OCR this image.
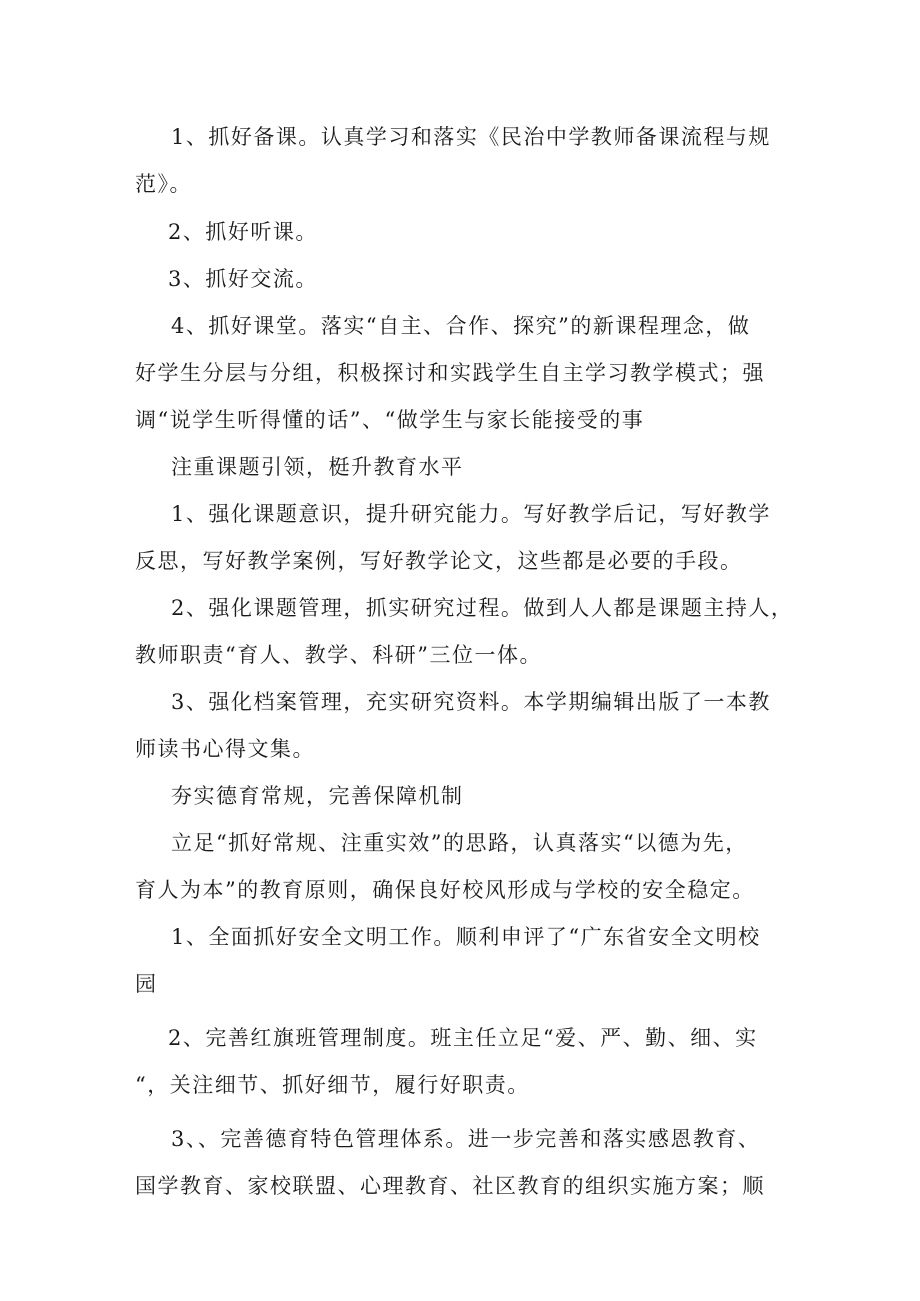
1、抓好备课。认真学习和落实《民治中学教师备课流程与规
范》。
2、抓好听课。
3、抓好交流。
4、抓好课堂。落实“自主、合作、探究”的新课程理念，做
好学生分层与分组，积极探讨和实践学生自主学习教学模式；强
调“说学生听得懂的话”、“做学生与家长能接受的事
注重课题引领，梃升教育水平
1、强化课题意识，提升研究能力。写好教学后记，写好教学
反思，写好教学案例，写好教学论文，这些都是必要的手段。
2、强化课题管理，抓实研究过程。做到人人都是课题主持人，
教师职责“育人、教学、科研”三位一体。
3、强化档案管理，充实研究资料。本学期编辑出版了一本教
师读书心得文集。
夯实德育常规，完善保障机制
立足“抓好常规、注重实效”的思路，认真落实“以德为先，
育人为本”的教育原则，确保良好校风形成与学校的安全稳定。
1、全面抓好安全文明工作。顺利申评了“广东省安全文明校
园
2、完善红旗班管理制度。班主任立足“爱、严、勤、细、实
“，关注细节、抓好细节，履行好职责。
3、、完善德育特色管理体系。进一步完善和落实感恩教育、
国学教育、家校联盟、心理教育、社区教育的组织实施方案；顺
